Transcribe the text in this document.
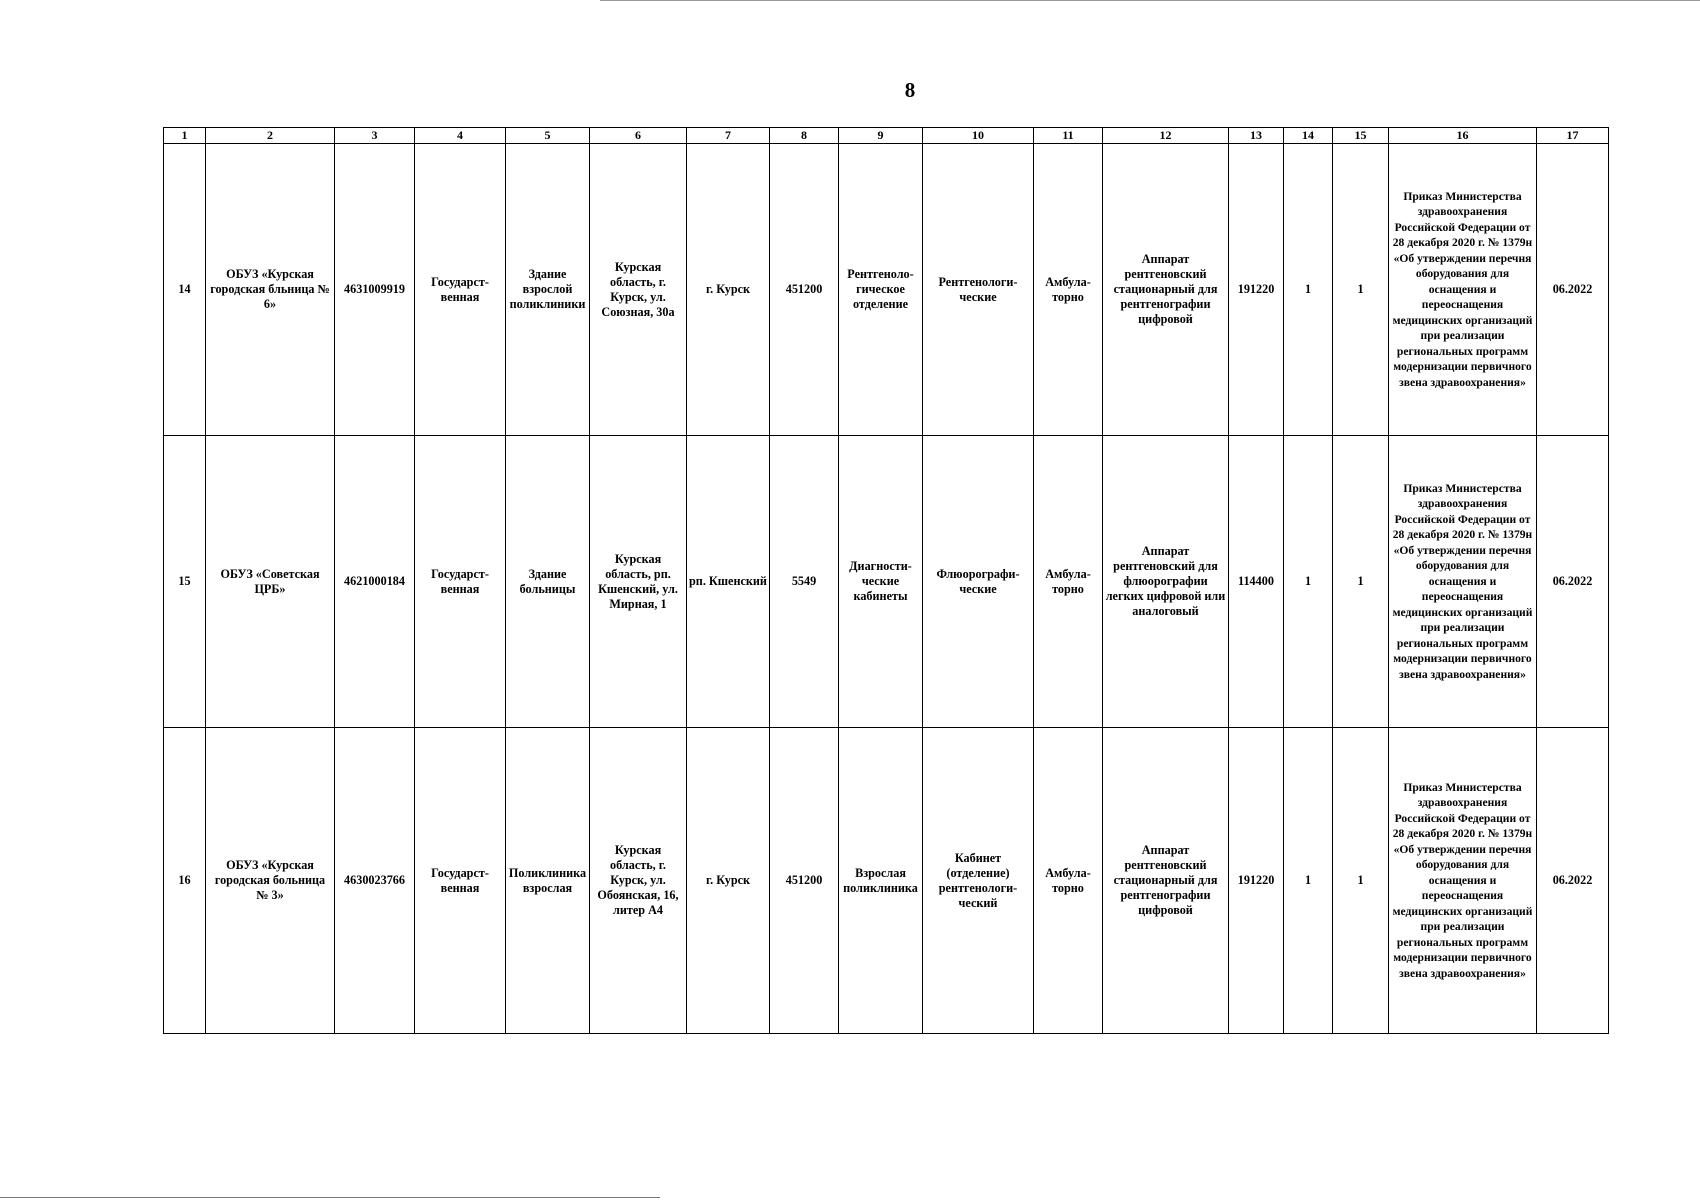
8
1	2	3	4	5	6	7	8	9	10	11	12	13	14	15	16	17
14	ОБУЗ «Курская городская бльница № 6»	4631009919	Государст-венная	Здание взрослой поликлиники	Курская область, г. Курск, ул. Союзная, 30а	г. Курск	451200	Рентгеноло-гическое отделение	Рентгенологи-ческие	Амбула-торно	Аппарат рентгеновский стационарный для рентгенографии цифровой	191220	1	1	Приказ Министерства здравоохранения Российской Федерации от 28 декабря 2020 г. № 1379н «Об утверждении перечня оборудования для оснащения и переоснащения медицинских организаций при реализации региональных программ модернизации первичного звена здравоохранения»	06.2022
15	ОБУЗ «Советская ЦРБ»	4621000184	Государст-венная	Здание больницы	Курская область, рп. Кшенский, ул. Мирная, 1	рп. Кшенский	5549	Диагности-ческие кабинеты	Флюорографи-ческие	Амбула-торно	Аппарат рентгеновский для флюорографии легких цифровой или аналоговый	114400	1	1	Приказ Министерства здравоохранения Российской Федерации от 28 декабря 2020 г. № 1379н «Об утверждении перечня оборудования для оснащения и переоснащения медицинских организаций при реализации региональных программ модернизации первичного звена здравоохранения»	06.2022
16	ОБУЗ «Курская городская больница № 3»	4630023766	Государст-венная	Поликлиника взрослая	Курская область, г. Курск, ул. Обоянская, 16, литер А4	г. Курск	451200	Взрослая поликлиника	Кабинет (отделение) рентгенологи-ческий	Амбула-торно	Аппарат рентгеновский стационарный для рентгенографии цифровой	191220	1	1	Приказ Министерства здравоохранения Российской Федерации от 28 декабря 2020 г. № 1379н «Об утверждении перечня оборудования для оснащения и переоснащения медицинских организаций при реализации региональных программ модернизации первичного звена здравоохранения»	06.2022
